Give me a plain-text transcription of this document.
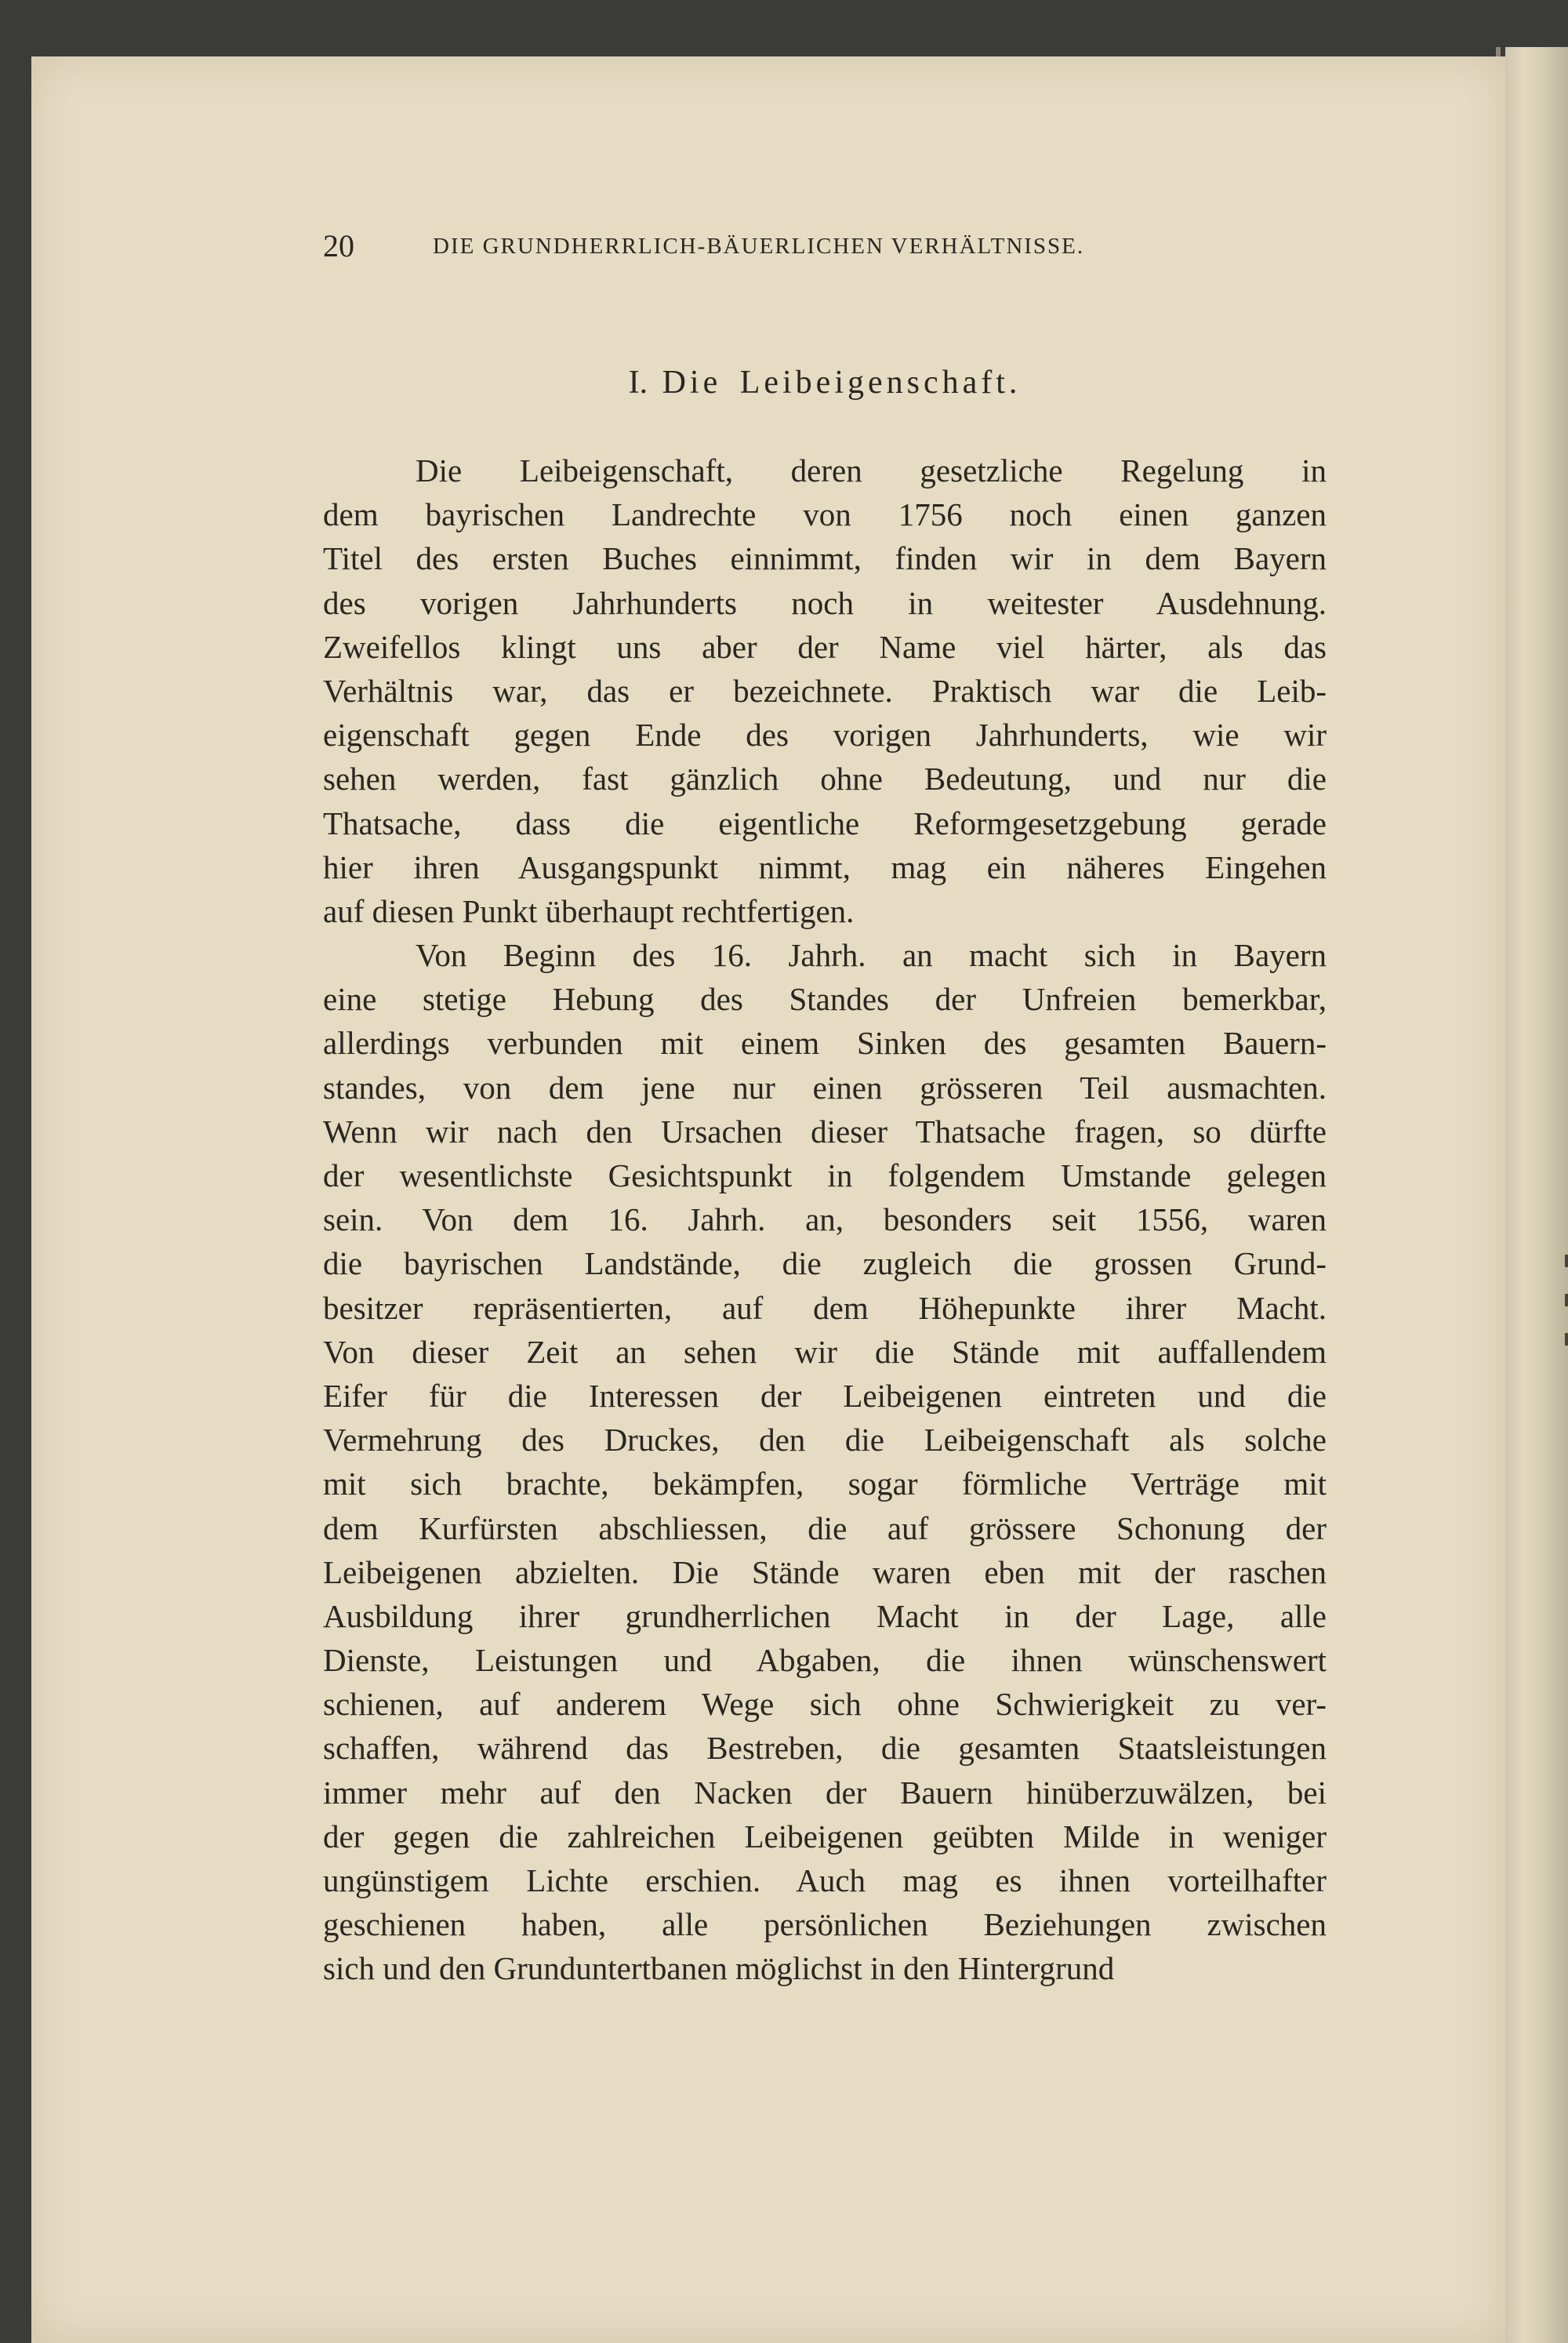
20	DIE GRUNDHERRLICH-BÄUERLICHEN VERHÄLTNISSE.
I. Die Leibeigenschaft.
Die Leibeigenschaft, deren gesetzliche Regelung in
dem bayrischen Landrechte von 1756 noch einen ganzen
Titel des ersten Buches einnimmt, finden wir in dem Bayern
des vorigen Jahrhunderts noch in weitester Ausdehnung.
Zweifellos klingt uns aber der Name viel härter, als das
Verhältnis war, das er bezeichnete. Praktisch war die Leib-
eigenschaft gegen Ende des vorigen Jahrhunderts, wie wir
sehen werden, fast gänzlich ohne Bedeutung, und nur die
Thatsache, dass die eigentliche Reformgesetzgebung gerade
hier ihren Ausgangspunkt nimmt, mag ein näheres Eingehen
auf diesen Punkt überhaupt rechtfertigen.
Von Beginn des 16. Jahrh. an macht sich in Bayern
eine stetige Hebung des Standes der Unfreien bemerkbar,
allerdings verbunden mit einem Sinken des gesamten Bauern-
standes, von dem jene nur einen grösseren Teil ausmachten.
Wenn wir nach den Ursachen dieser Thatsache fragen, so dürfte
der wesentlichste Gesichtspunkt in folgendem Umstande gelegen
sein. Von dem 16. Jahrh. an, besonders seit 1556, waren
die bayrischen Landstände, die zugleich die grossen Grund-
besitzer repräsentierten, auf dem Höhepunkte ihrer Macht.
Von dieser Zeit an sehen wir die Stände mit auffallendem
Eifer für die Interessen der Leibeigenen eintreten und die
Vermehrung des Druckes, den die Leibeigenschaft als solche
mit sich brachte, bekämpfen, sogar förmliche Verträge mit
dem Kurfürsten abschliessen, die auf grössere Schonung der
Leibeigenen abzielten. Die Stände waren eben mit der raschen
Ausbildung ihrer grundherrlichen Macht in der Lage, alle
Dienste, Leistungen und Abgaben, die ihnen wünschenswert
schienen, auf anderem Wege sich ohne Schwierigkeit zu ver-
schaffen, während das Bestreben, die gesamten Staatsleistungen
immer mehr auf den Nacken der Bauern hinüberzuwälzen, bei
der gegen die zahlreichen Leibeigenen geübten Milde in weniger
ungünstigem Lichte erschien. Auch mag es ihnen vorteilhafter
geschienen haben, alle persönlichen Beziehungen zwischen
sich und den Grunduntertbanen möglichst in den Hintergrund
